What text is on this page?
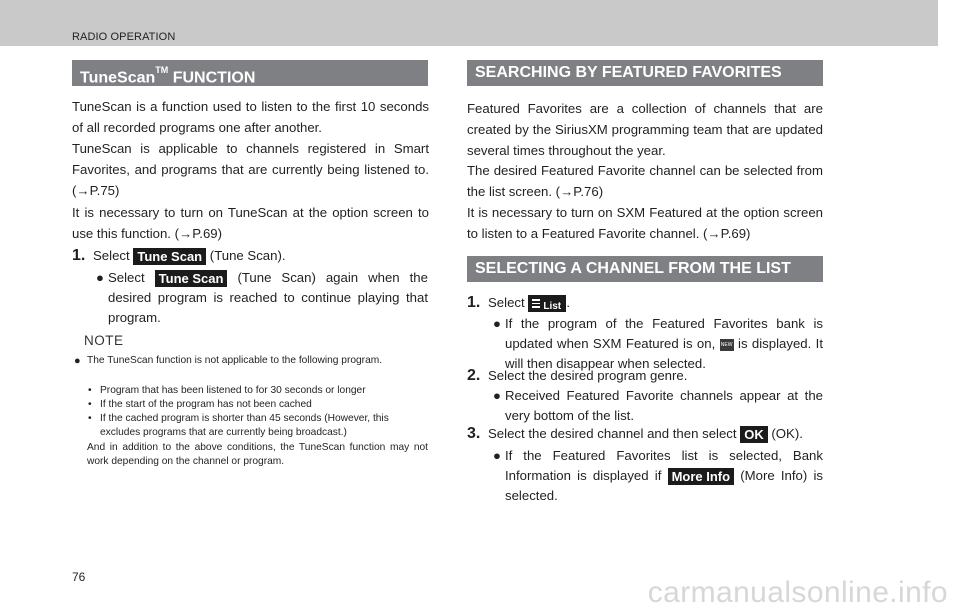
RADIO OPERATION
TuneScan™ FUNCTION

TuneScan is a function used to listen to the first 10 seconds of all recorded programs one after another.

TuneScan is applicable to channels registered in Smart Favorites, and programs that are currently being listened to. (→P.75)

It is necessary to turn on TuneScan at the option screen to use this function. (→P.69)

1. Select Tune Scan (Tune Scan).
● Select Tune Scan (Tune Scan) again when the desired program is reached to continue playing that program.
NOTE
● The TuneScan function is not applicable to the following program.
Program that has been listened to for 30 seconds or longer
•
If the start of the program has not been cached
•
If the cached program is shorter than 45 seconds (However, this excludes programs that are currently being broadcast.)
•
And in addition to the above conditions, the TuneScan function may not work depending on the channel or program.
SEARCHING BY FEATURED FAVORITES

Featured Favorites are a collection of channels that are created by the SiriusXM programming team that are updated several times throughout the year.

The desired Featured Favorite channel can be selected from the list screen. (→P.76)

It is necessary to turn on SXM Featured at the option screen to listen to a Featured Favorite channel. (→P.69)

SELECTING A CHANNEL FROM THE LIST
1. Select List .
● If the program of the Featured Favorites bank is updated when SXM Featured is on, NEW is displayed. It will then disappear when selected.
2. Select the desired program genre.
● Received Featured Favorite channels appear at the very bottom of the list.
3. Select the desired channel and then select OK (OK).
● If the Featured Favorites list is selected, Bank Information is displayed if More Info (More Info) is selected.
76	carmanualsonline.info
